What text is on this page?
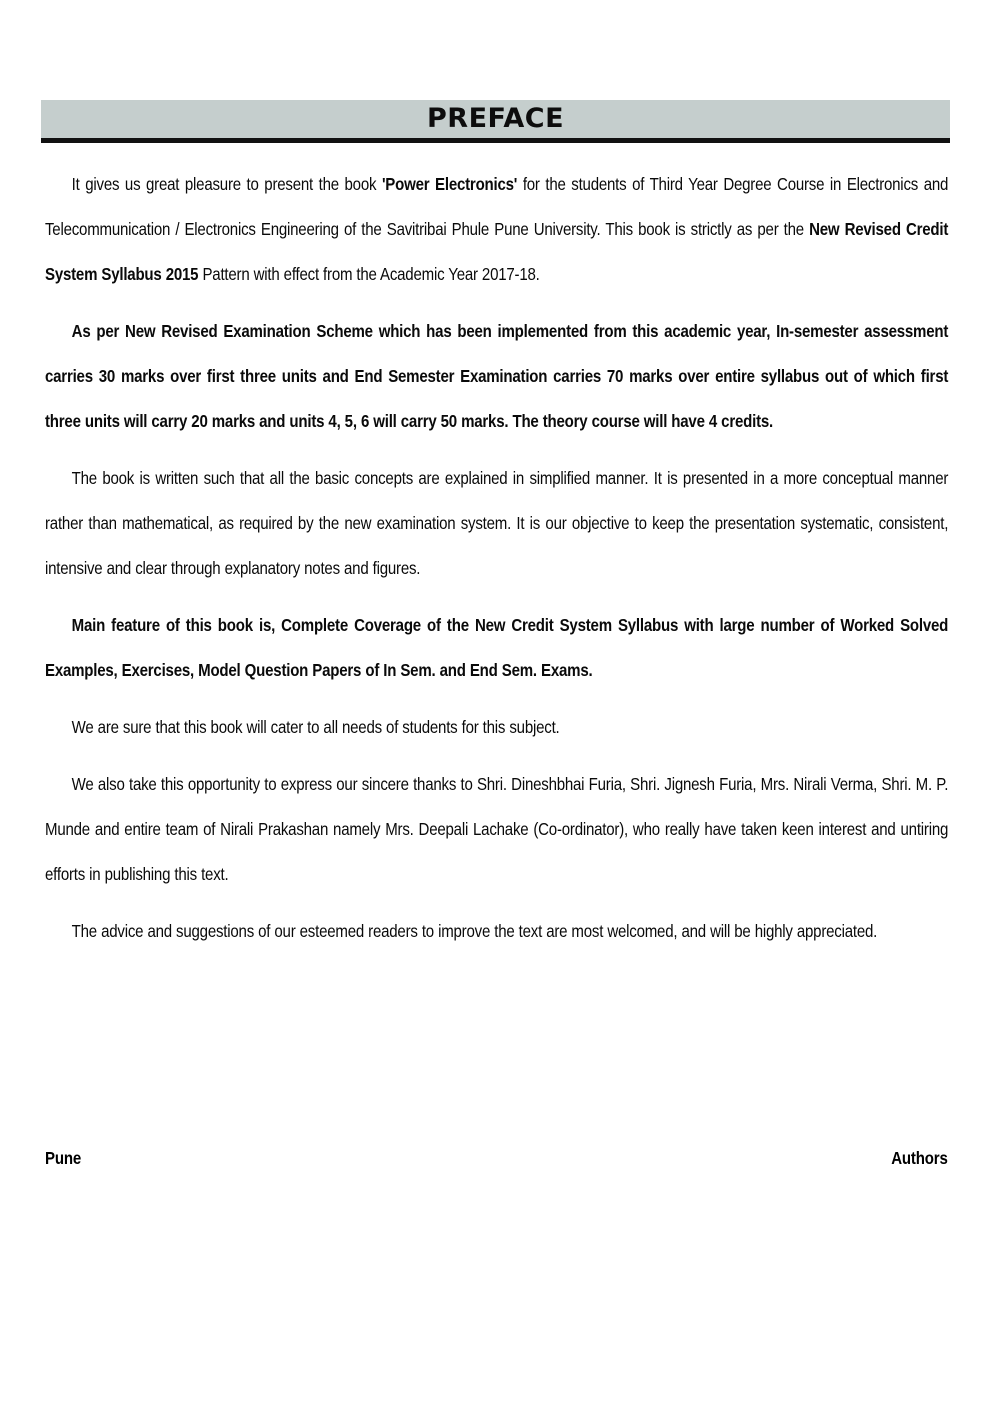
PREFACE

It gives us great pleasure to present the book 'Power Electronics' for the students of Third Year Degree Course in Electronics and Telecommunication / Electronics Engineering of the Savitribai Phule Pune University. This book is strictly as per the New Revised Credit System Syllabus 2015 Pattern with effect from the Academic Year 2017-18.

As per New Revised Examination Scheme which has been implemented from this academic year, In-semester assessment carries 30 marks over first three units and End Semester Examination carries 70 marks over entire syllabus out of which first three units will carry 20 marks and units 4, 5, 6 will carry 50 marks. The theory course will have 4 credits.

The book is written such that all the basic concepts are explained in simplified manner. It is presented in a more conceptual manner rather than mathematical, as required by the new examination system. It is our objective to keep the presentation systematic, consistent, intensive and clear through explanatory notes and figures.

Main feature of this book is, Complete Coverage of the New Credit System Syllabus with large number of Worked Solved Examples, Exercises, Model Question Papers of In Sem. and End Sem. Exams.

We are sure that this book will cater to all needs of students for this subject.

We also take this opportunity to express our sincere thanks to Shri. Dineshbhai Furia, Shri. Jignesh Furia, Mrs. Nirali Verma, Shri. M. P. Munde and entire team of Nirali Prakashan namely Mrs. Deepali Lachake (Co-ordinator), who really have taken keen interest and untiring efforts in publishing this text.

The advice and suggestions of our esteemed readers to improve the text are most welcomed, and will be highly appreciated.

Pune	Authors
